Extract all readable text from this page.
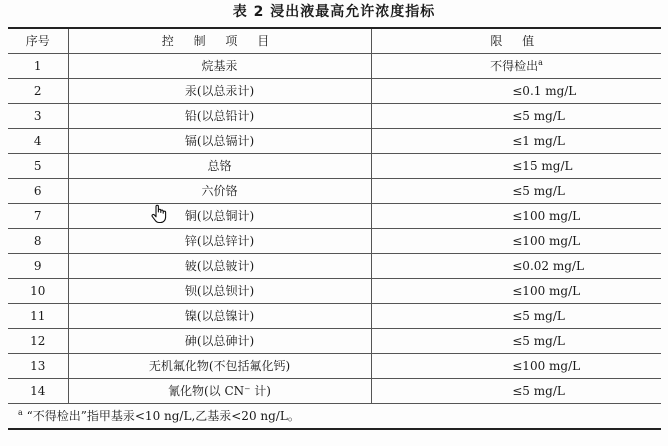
表 2 浸出液最高允许浓度指标
序号	控 制 项 目	限 值
1	烷基汞	不得检出$^a$
2	汞(以总汞计)	≤0.1 mg/L
3	铅(以总铅计)	≤5 mg/L
4	镉(以总镉计)	≤1 mg/L
5	总铬	≤15 mg/L
6	六价铬	≤5 mg/L
7	铜(以总铜计)	≤100 mg/L
8	锌(以总锌计)	≤100 mg/L
9	铍(以总铍计)	≤0.02 mg/L
10	钡(以总钡计)	≤100 mg/L
11	镍(以总镍计)	≤5 mg/L
12	砷(以总砷计)	≤5 mg/L
13	无机氟化物(不包括氟化钙)	≤100 mg/L
14	氰化物(以 CN⁻ 计)	≤5 mg/L
$^a$ “不得检出”指甲基汞<10 ng/L,乙基汞<20 ng/L。		
